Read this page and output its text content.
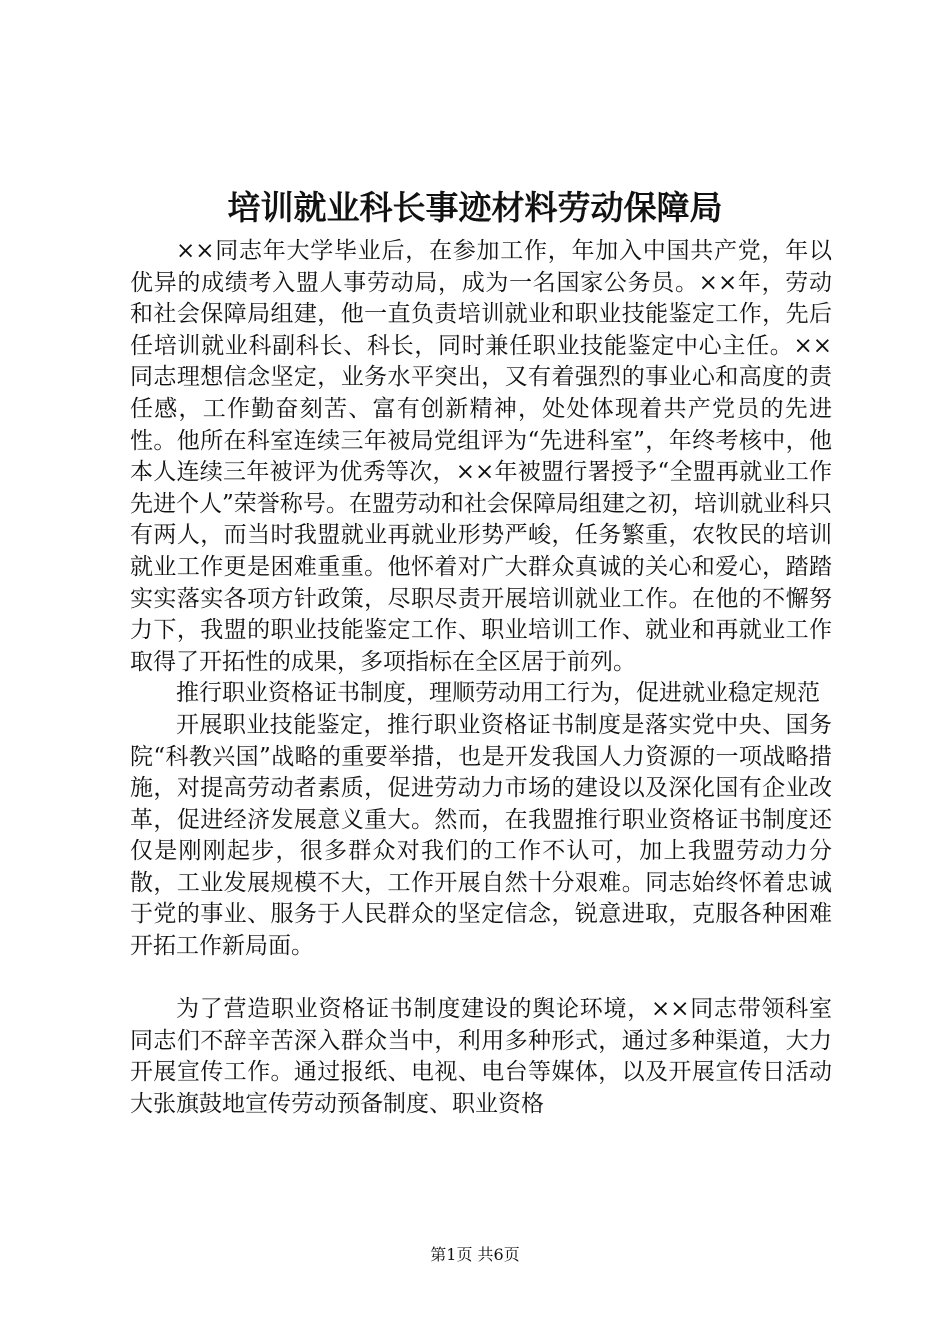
培训就业科长事迹材料劳动保障局

××同志年大学毕业后，在参加工作，年加入中国共产党，年以优异的成绩考入盟人事劳动局，成为一名国家公务员。××年，劳动和社会保障局组建，他一直负责培训就业和职业技能鉴定工作，先后任培训就业科副科长、科长，同时兼任职业技能鉴定中心主任。××同志理想信念坚定，业务水平突出，又有着强烈的事业心和高度的责任感，工作勤奋刻苦、富有创新精神，处处体现着共产党员的先进性。他所在科室连续三年被局党组评为“先进科室”，年终考核中，他本人连续三年被评为优秀等次，××年被盟行署授予“全盟再就业工作先进个人”荣誉称号。在盟劳动和社会保障局组建之初，培训就业科只有两人，而当时我盟就业再就业形势严峻，任务繁重，农牧民的培训就业工作更是困难重重。他怀着对广大群众真诚的关心和爱心，踏踏实实落实各项方针政策，尽职尽责开展培训就业工作。在他的不懈努力下，我盟的职业技能鉴定工作、职业培训工作、就业和再就业工作取得了开拓性的成果，多项指标在全区居于前列。

推行职业资格证书制度，理顺劳动用工行为，促进就业稳定规范

开展职业技能鉴定，推行职业资格证书制度是落实党中央、国务院“科教兴国”战略的重要举措，也是开发我国人力资源的一项战略措施，对提高劳动者素质，促进劳动力市场的建设以及深化国有企业改革，促进经济发展意义重大。然而，在我盟推行职业资格证书制度还仅是刚刚起步，很多群众对我们的工作不认可，加上我盟劳动力分散，工业发展规模不大，工作开展自然十分艰难。同志始终怀着忠诚于党的事业、服务于人民群众的坚定信念，锐意进取，克服各种困难开拓工作新局面。

为了营造职业资格证书制度建设的舆论环境，××同志带领科室同志们不辞辛苦深入群众当中，利用多种形式，通过多种渠道，大力开展宣传工作。通过报纸、电视、电台等媒体，以及开展宣传日活动大张旗鼓地宣传劳动预备制度、职业资格

第1页 共6页
